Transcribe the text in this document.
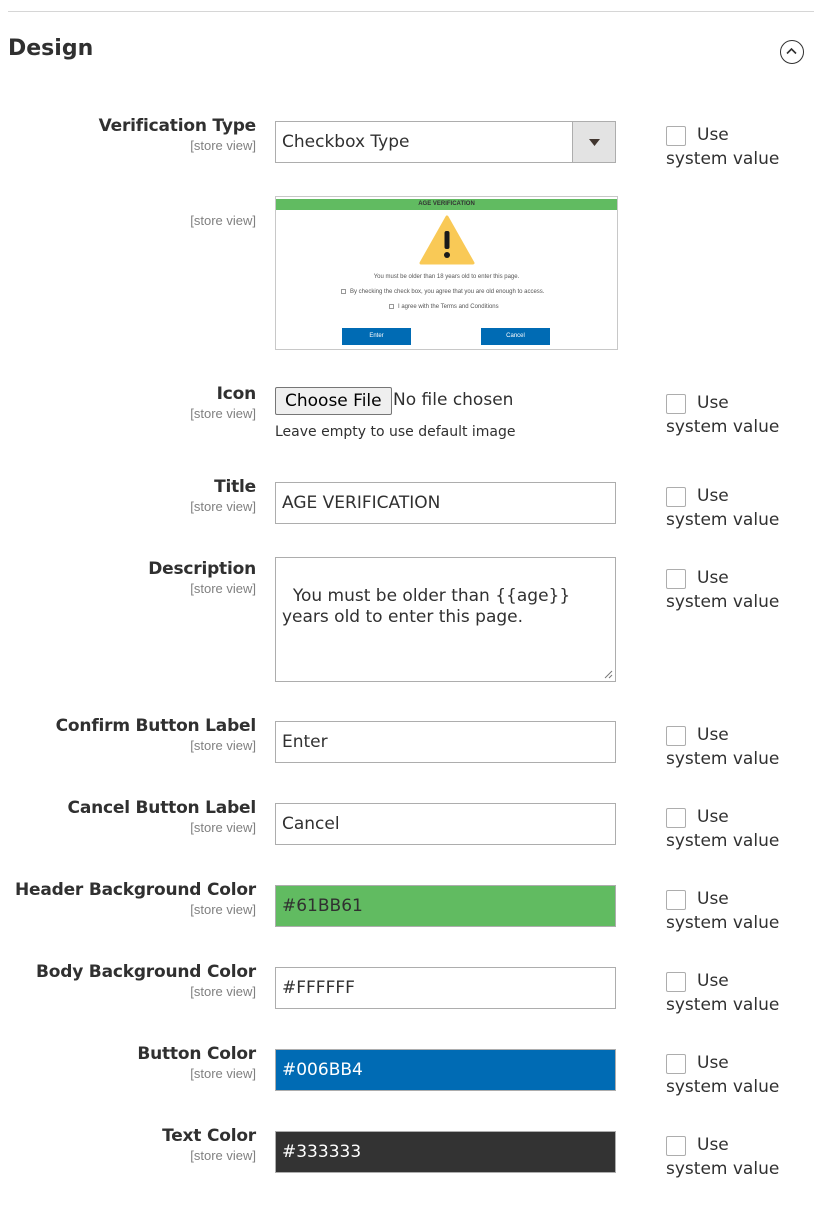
Design
Verification Type
[store view]	Checkbox Type	Use
system value
[store view]
AGE VERIFICATION
You must be older than 18 years old to enter this page.
By checking the check box, you agree that you are old enough to access.
I agree with the Terms and Conditions
Enter	Cancel
Icon
[store view]
Choose File No file chosen
Leave empty to use default image
Use
system value
Title
[store view]	AGE VERIFICATION	Use
system value
Description
[store view]	You must be older than {{age}} years old to enter this page.

Use
system value
Confirm Button Label
[store view]	Enter	Use
system value
Cancel Button Label
[store view]	Cancel	Use
system value
Header Background Color
[store view]	#61BB61	Use
system value
Body Background Color
[store view]	#FFFFFF	Use
system value
Button Color
[store view]	#006BB4	Use
system value
Text Color
[store view]	#333333	Use
system value
